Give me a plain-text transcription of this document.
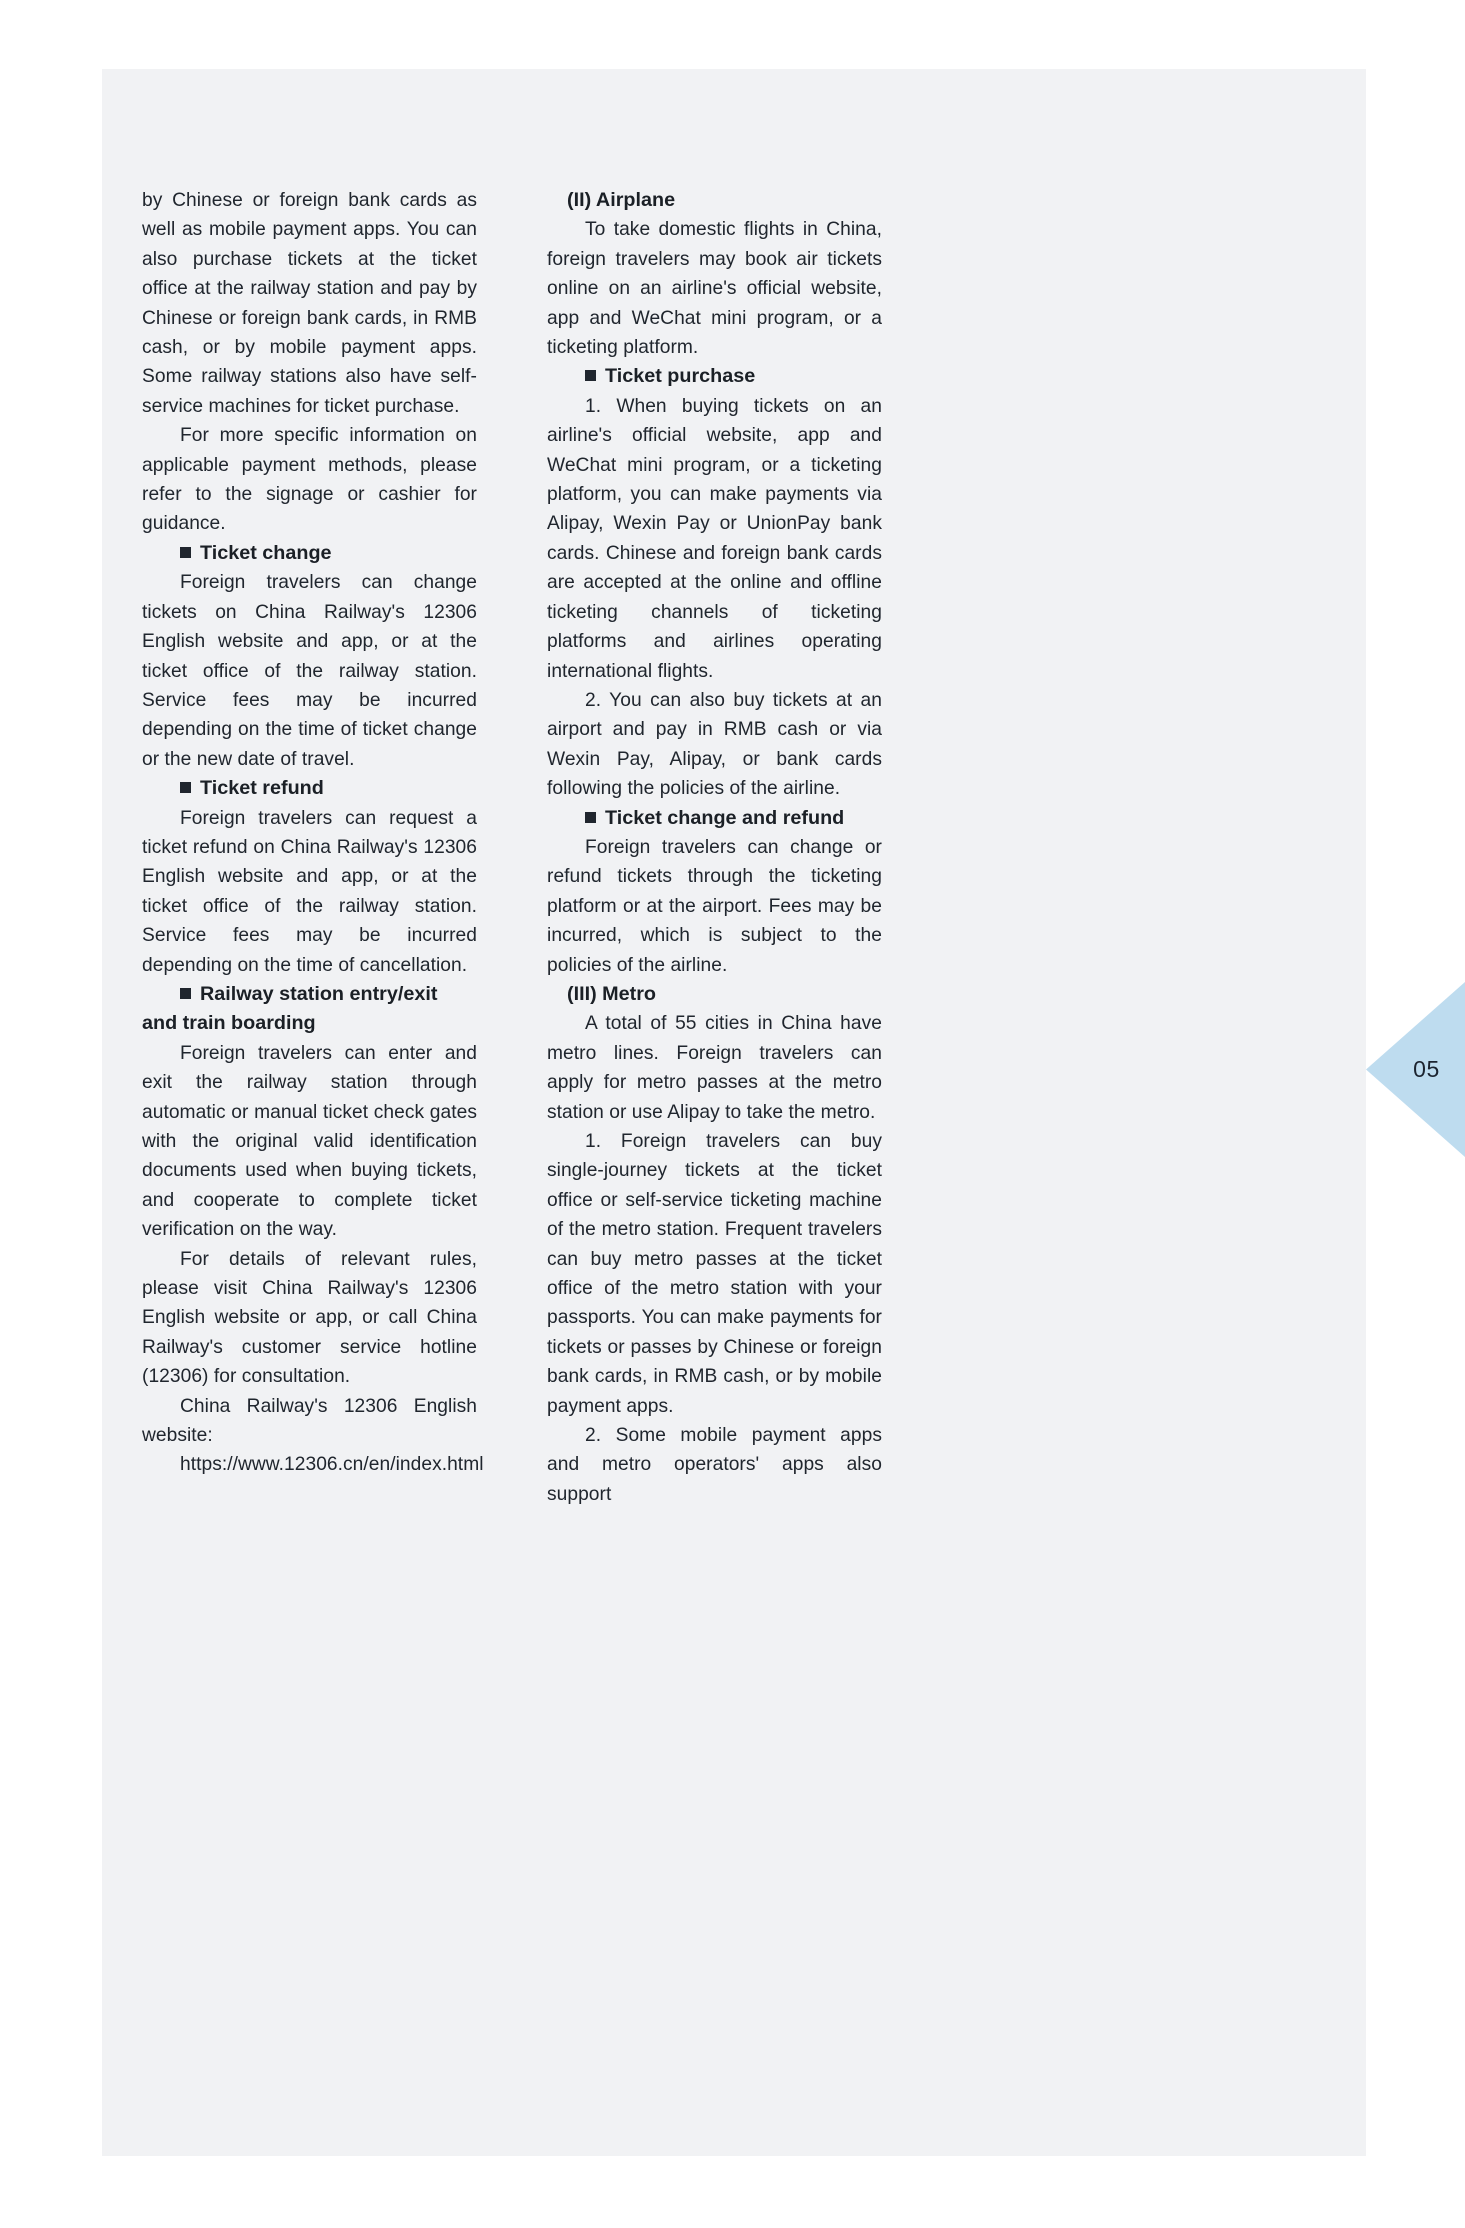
by Chinese or foreign bank cards as well as mobile payment apps. You can also purchase tickets at the ticket office at the railway station and pay by Chinese or foreign bank cards, in RMB cash, or by mobile payment apps. Some railway stations also have self-service machines for ticket purchase.

For more specific information on applicable payment methods, please refer to the signage or cashier for guidance.

Ticket change

Foreign travelers can change tickets on China Railway's 12306 English website and app, or at the ticket office of the railway station. Service fees may be incurred depending on the time of ticket change or the new date of travel.

Ticket refund

Foreign travelers can request a ticket refund on China Railway's 12306 English website and app, or at the ticket office of the railway station. Service fees may be incurred depending on the time of cancellation.

Railway station entry/exit and train boarding

Foreign travelers can enter and exit the railway station through automatic or manual ticket check gates with the original valid identification documents used when buying tickets, and cooperate to complete ticket verification on the way.

For details of relevant rules, please visit China Railway's 12306 English website or app, or call China Railway's customer service hotline (12306) for consultation.

China Railway's 12306 English website:

https://www.12306.cn/en/index.html

(II) Airplane

To take domestic flights in China, foreign travelers may book air tickets online on an airline's official website, app and WeChat mini program, or a ticketing platform.

Ticket purchase

1. When buying tickets on an airline's official website, app and WeChat mini program, or a ticketing platform, you can make payments via Alipay, Wexin Pay or UnionPay bank cards. Chinese and foreign bank cards are accepted at the online and offline ticketing channels of ticketing platforms and airlines operating international flights.

2. You can also buy tickets at an airport and pay in RMB cash or via Wexin Pay, Alipay, or bank cards following the policies of the airline.

Ticket change and refund

Foreign travelers can change or refund tickets through the ticketing platform or at the airport. Fees may be incurred, which is subject to the policies of the airline.

(III) Metro

A total of 55 cities in China have metro lines. Foreign travelers can apply for metro passes at the metro station or use Alipay to take the metro.

1. Foreign travelers can buy single-journey tickets at the ticket office or self-service ticketing machine of the metro station. Frequent travelers can buy metro passes at the ticket office of the metro station with your passports. You can make payments for tickets or passes by Chinese or foreign bank cards, in RMB cash, or by mobile payment apps.

2. Some mobile payment apps and metro operators' apps also support

05
